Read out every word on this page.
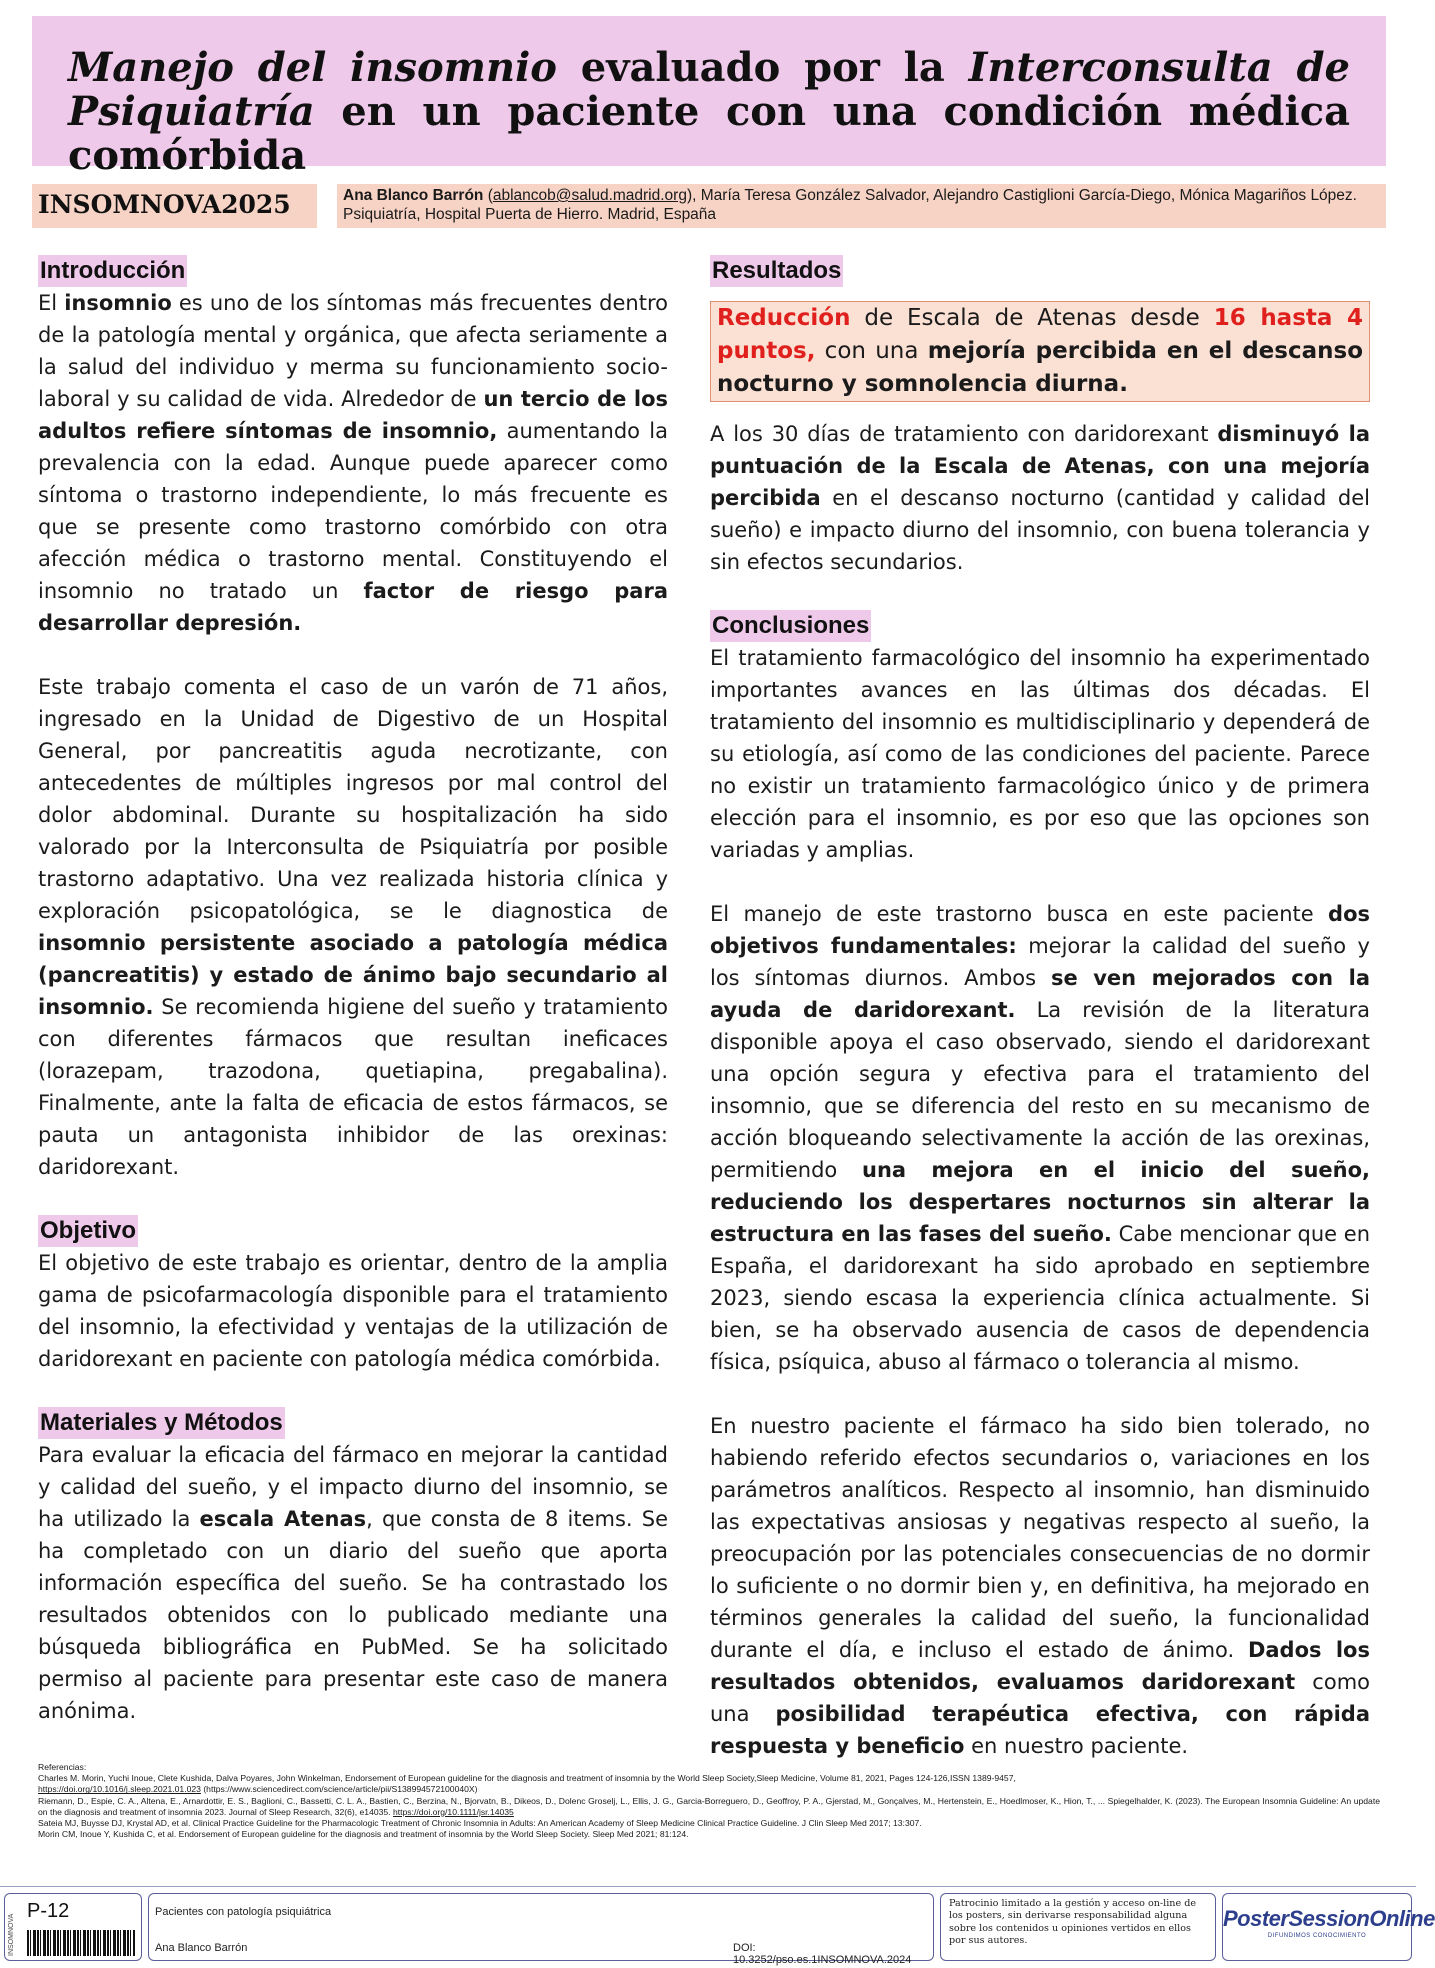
Manejo del insomnio evaluado por la Interconsulta de Psiquiatría en un paciente con una condición médica comórbida
INSOMNOVA2025	Ana Blanco Barrón (ablancob@salud.madrid.org), María Teresa González Salvador, Alejandro Castiglioni García-Diego, Mónica Magariños López. Psiquiatría, Hospital Puerta de Hierro. Madrid, España
Introducción

El insomnio es uno de los síntomas más frecuentes dentro de la patología mental y orgánica, que afecta seriamente a la salud del individuo y merma su funcionamiento socio-laboral y su calidad de vida. Alrededor de un tercio de los adultos refiere síntomas de insomnio, aumentando la prevalencia con la edad. Aunque puede aparecer como síntoma o trastorno independiente, lo más frecuente es que se presente como trastorno comórbido con otra afección médica o trastorno mental. Constituyendo el insomnio no tratado un factor de riesgo para desarrollar depresión.

Este trabajo comenta el caso de un varón de 71 años, ingresado en la Unidad de Digestivo de un Hospital General, por pancreatitis aguda necrotizante, con antecedentes de múltiples ingresos por mal control del dolor abdominal. Durante su hospitalización ha sido valorado por la Interconsulta de Psiquiatría por posible trastorno adaptativo. Una vez realizada historia clínica y exploración psicopatológica, se le diagnostica de insomnio persistente asociado a patología médica (pancreatitis) y estado de ánimo bajo secundario al insomnio. Se recomienda higiene del sueño y tratamiento con diferentes fármacos que resultan ineficaces (lorazepam, trazodona, quetiapina, pregabalina). Finalmente, ante la falta de eficacia de estos fármacos, se pauta un antagonista inhibidor de las orexinas: daridorexant.

Objetivo

El objetivo de este trabajo es orientar, dentro de la amplia gama de psicofarmacología disponible para el tratamiento del insomnio, la efectividad y ventajas de la utilización de daridorexant en paciente con patología médica comórbida.

Materiales y Métodos

Para evaluar la eficacia del fármaco en mejorar la cantidad y calidad del sueño, y el impacto diurno del insomnio, se ha utilizado la escala Atenas, que consta de 8 items. Se ha completado con un diario del sueño que aporta información específica del sueño. Se ha contrastado los resultados obtenidos con lo publicado mediante una búsqueda bibliográfica en PubMed. Se ha solicitado permiso al paciente para presentar este caso de manera anónima.

Resultados
Reducción de Escala de Atenas desde 16 hasta 4 puntos, con una mejoría percibida en el descanso nocturno y somnolencia diurna.

A los 30 días de tratamiento con daridorexant disminuyó la puntuación de la Escala de Atenas, con una mejoría percibida en el descanso nocturno (cantidad y calidad del sueño) e impacto diurno del insomnio, con buena tolerancia y sin efectos secundarios.

Conclusiones

El tratamiento farmacológico del insomnio ha experimentado importantes avances en las últimas dos décadas. El tratamiento del insomnio es multidisciplinario y dependerá de su etiología, así como de las condiciones del paciente. Parece no existir un tratamiento farmacológico único y de primera elección para el insomnio, es por eso que las opciones son variadas y amplias.

El manejo de este trastorno busca en este paciente dos objetivos fundamentales: mejorar la calidad del sueño y los síntomas diurnos. Ambos se ven mejorados con la ayuda de daridorexant. La revisión de la literatura disponible apoya el caso observado, siendo el daridorexant una opción segura y efectiva para el tratamiento del insomnio, que se diferencia del resto en su mecanismo de acción bloqueando selectivamente la acción de las orexinas, permitiendo una mejora en el inicio del sueño, reduciendo los despertares nocturnos sin alterar la estructura en las fases del sueño. Cabe mencionar que en España, el daridorexant ha sido aprobado en septiembre 2023, siendo escasa la experiencia clínica actualmente. Si bien, se ha observado ausencia de casos de dependencia física, psíquica, abuso al fármaco o tolerancia al mismo.

En nuestro paciente el fármaco ha sido bien tolerado, no habiendo referido efectos secundarios o, variaciones en los parámetros analíticos. Respecto al insomnio, han disminuido las expectativas ansiosas y negativas respecto al sueño, la preocupación por las potenciales consecuencias de no dormir lo suficiente o no dormir bien y, en definitiva, ha mejorado en términos generales la calidad del sueño, la funcionalidad durante el día, e incluso el estado de ánimo. Dados los resultados obtenidos, evaluamos daridorexant como una posibilidad terapéutica efectiva, con rápida respuesta y beneficio en nuestro paciente.

Referencias:
Charles M. Morin, Yuchi Inoue, Clete Kushida, Dalva Poyares, John Winkelman, Endorsement of European guideline for the diagnosis and treatment of insomnia by the World Sleep Society,Sleep Medicine, Volume 81, 2021, Pages 124-126,ISSN 1389-9457,
https://doi.org/10.1016/j.sleep.2021.01.023 (https://www.sciencedirect.com/science/article/pii/S138994572100040X)
Riemann, D., Espie, C. A., Altena, E., Arnardottir, E. S., Baglioni, C., Bassetti, C. L. A., Bastien, C., Berzina, N., Bjorvatn, B., Dikeos, D., Dolenc Groselj, L., Ellis, J. G., Garcia-Borreguero, D., Geoffroy, P. A., Gjerstad, M., Gonçalves, M., Hertenstein, E., Hoedlmoser, K., Hion, T., ... Spiegelhalder, K. (2023). The European Insomnia Guideline: An update on the diagnosis and treatment of insomnia 2023. Journal of Sleep Research, 32(6), e14035. https://doi.org/10.1111/jsr.14035
Sateia MJ, Buysse DJ, Krystal AD, et al. Clinical Practice Guideline for the Pharmacologic Treatment of Chronic Insomnia in Adults: An American Academy of Sleep Medicine Clinical Practice Guideline. J Clin Sleep Med 2017; 13:307.
Morin CM, Inoue Y, Kushida C, et al. Endorsement of European guideline for the diagnosis and treatment of insomnia by the World Sleep Society. Sleep Med 2021; 81:124.
INSOMNOVA
P-12	Pacientes con patología psiquiátrica
Ana Blanco Barrón	DOI: 10.3252/pso.es.1INSOMNOVA.2024
Patrocinio limitado a la gestión y acceso on-line de los posters, sin derivarse responsabilidad alguna sobre los contenidos u opiniones vertidos en ellos por sus autores.
PosterSessionOnline
DIFUNDIMOS CONOCIMIENTO
